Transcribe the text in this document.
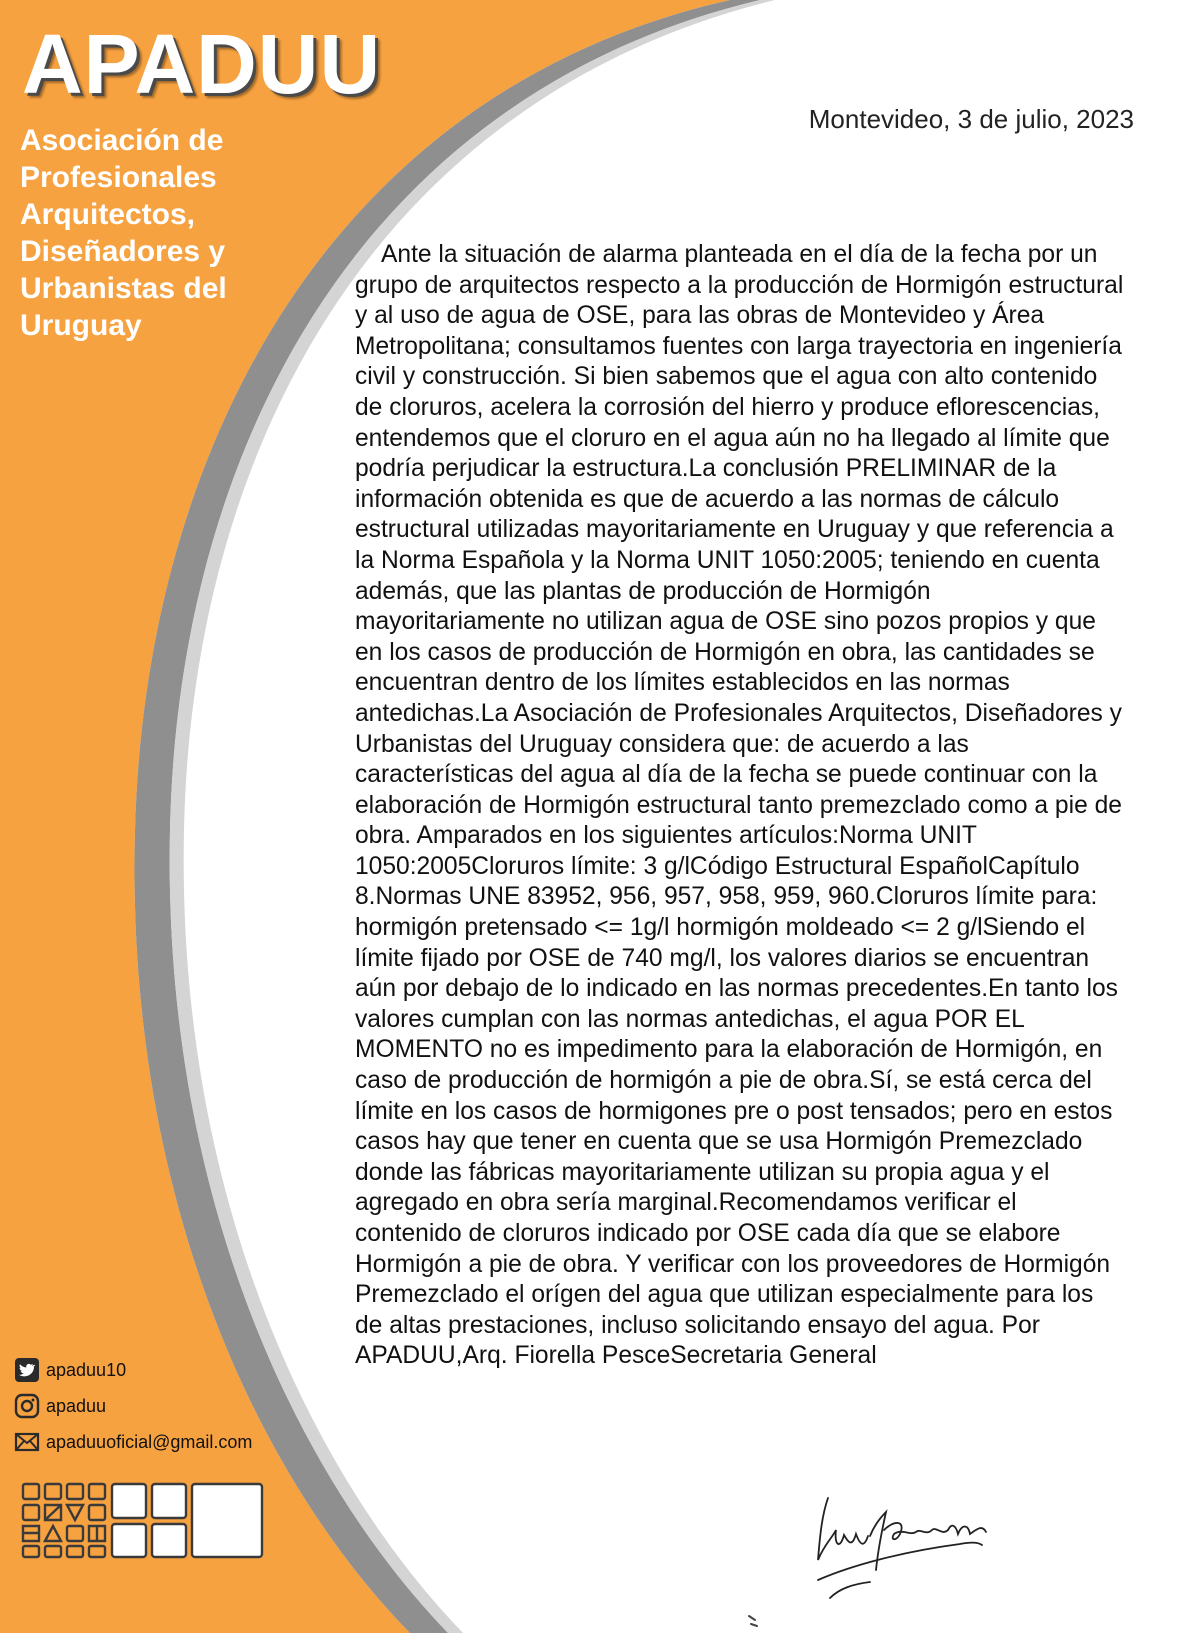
APADUU
Asociación de
Profesionales
Arquitectos,
Diseñadores y
Urbanistas del
Uruguay
Montevideo, 3 de julio, 2023

Ante la situación de alarma planteada en el día de la fecha por un grupo de arquitectos respecto a la producción de Hormigón estructural y al uso de agua de OSE, para las obras de Montevideo y Área Metropolitana; consultamos fuentes con larga trayectoria en ingeniería civil y construcción. Si bien sabemos que el agua con alto contenido de cloruros, acelera la corrosión del hierro y produce eflorescencias, entendemos que el cloruro en el agua aún no ha llegado al límite que podría perjudicar la estructura.La conclusión PRELIMINAR de la información obtenida es que de acuerdo a las normas de cálculo estructural utilizadas mayoritariamente en Uruguay y que referencia a la Norma Española y la Norma UNIT 1050:2005; teniendo en cuenta además, que las plantas de producción de Hormigón mayoritariamente no utilizan agua de OSE sino pozos propios y que en los casos de producción de Hormigón en obra, las cantidades se encuentran dentro de los límites establecidos en las normas antedichas.La Asociación de Profesionales Arquitectos, Diseñadores y Urbanistas del Uruguay considera que: de acuerdo a las características del agua al día de la fecha se puede continuar con la elaboración de Hormigón estructural tanto premezclado como a pie de obra. Amparados en los siguientes artículos:Norma UNIT 1050:2005Cloruros límite: 3 g/lCódigo Estructural EspañolCapítulo 8.Normas UNE 83952, 956, 957, 958, 959, 960.Cloruros límite para: hormigón pretensado <= 1g/l hormigón moldeado <= 2 g/lSiendo el límite fijado por OSE de 740 mg/l, los valores diarios se encuentran aún por debajo de lo indicado en las normas precedentes.En tanto los valores cumplan con las normas antedichas, el agua POR EL MOMENTO no es impedimento para la elaboración de Hormigón, en caso de producción de hormigón a pie de obra.Sí, se está cerca del límite en los casos de hormigones pre o post tensados; pero en estos casos hay que tener en cuenta que se usa Hormigón Premezclado donde las fábricas mayoritariamente utilizan su propia agua y el agregado en obra sería marginal.Recomendamos verificar el contenido de cloruros indicado por OSE cada día que se elabore Hormigón a pie de obra. Y verificar con los proveedores de Hormigón Premezclado el orígen del agua que utilizan especialmente para los de altas prestaciones, incluso solicitando ensayo del agua. Por APADUU,Arq. Fiorella PesceSecretaria General

apaduu10
apaduu
apaduuoficial@gmail.com
